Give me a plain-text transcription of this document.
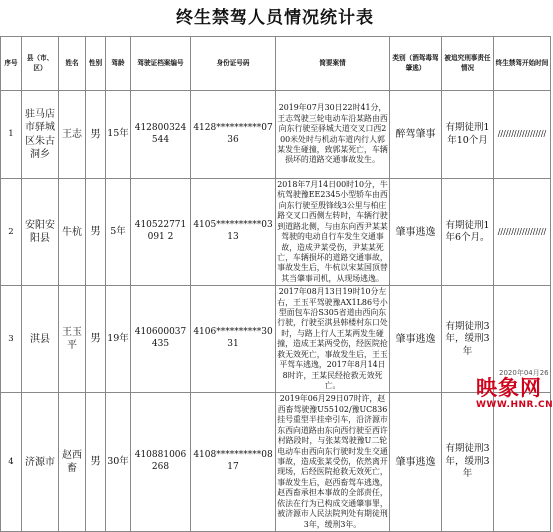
终生禁驾人员情况统计表
序号	县（市、区）	姓名	性别	驾龄	驾驶证档案编号	身份证号码	简要案情	类别（酒驾毒驾肇逃）	被追究刑事责任情况	终生禁驾开始时间
1	驻马店市驿城区朱古洞乡	王志	男	15年	412800324544	4128**********0736	2019年07月30日22时41分，王志驾驶三轮电动车沿某路由西向东行驶至驿城大道交叉口西200米处时与机动车道内行人郭某发生碰撞，致郭某死亡，车辆损坏的道路交通事故发生。	醉驾肇事	有期徒刑1年10个月	//////////////////
2	安阳安阳县	牛杭	男	5年	410522771091 2	4105**********0313	2018年7月14日00时10分，牛杭驾驶豫EE2345小型轿车由西向东行驶至殷锋线3公里与柏庄路交叉口西侧左转时，车辆行驶到道路北侧，与由东向西尹某某驾驶的电动自行车发生交通事故，造成尹某受伤，尹某某死亡，车辆损坏的道路交通事故，事故发生后，牛杭以宋某国顶替其当肇事司机，从现场逃逸。	肇事逃逸	有期徒刑1年6个月。	//////////////////
3	淇县	王玉平	男	19年	410600037435	4106**********3031	2017年08月13日19时10分左右，王玉平驾驶豫AX1L86号小型面包车沿S305省道由西向东行驶，行驶至淇县韩楼村东口处时，与路上行人王某两发生碰撞，造成王某两受伤，经医院抢救无效死亡，事故发生后，王玉平驾车逃逸，2017年8月14日8时许，王某民经抢救无效死亡。	肇事逃逸	有期徒刑3年，缓刑3年	
4	济源市	赵西畜	男	30年	410881006268	4108**********0817	2019年06月29日07时许，赵西畜驾驶豫U55102/豫UC836挂号重型半挂牵引车，沿济源市东西向道路由东向西行驶至西许村路段时，与张某驾驶豫U二轮电动车由西向东行驶时发生交通事故，造成张某受伤，依然离开现场，后经医院抢救无效死亡，事故发生后，赵西畜驾车逃逸，赵西畜承担本事故的全部责任，依法在行为已构成交通肇事罪，被济源市人民法院判处有期徒刑3年，缓刑3年。	肇事逃逸	有期徒刑3年，缓刑3年	
2020年04月26
映象网
WWW.HNR.CN
